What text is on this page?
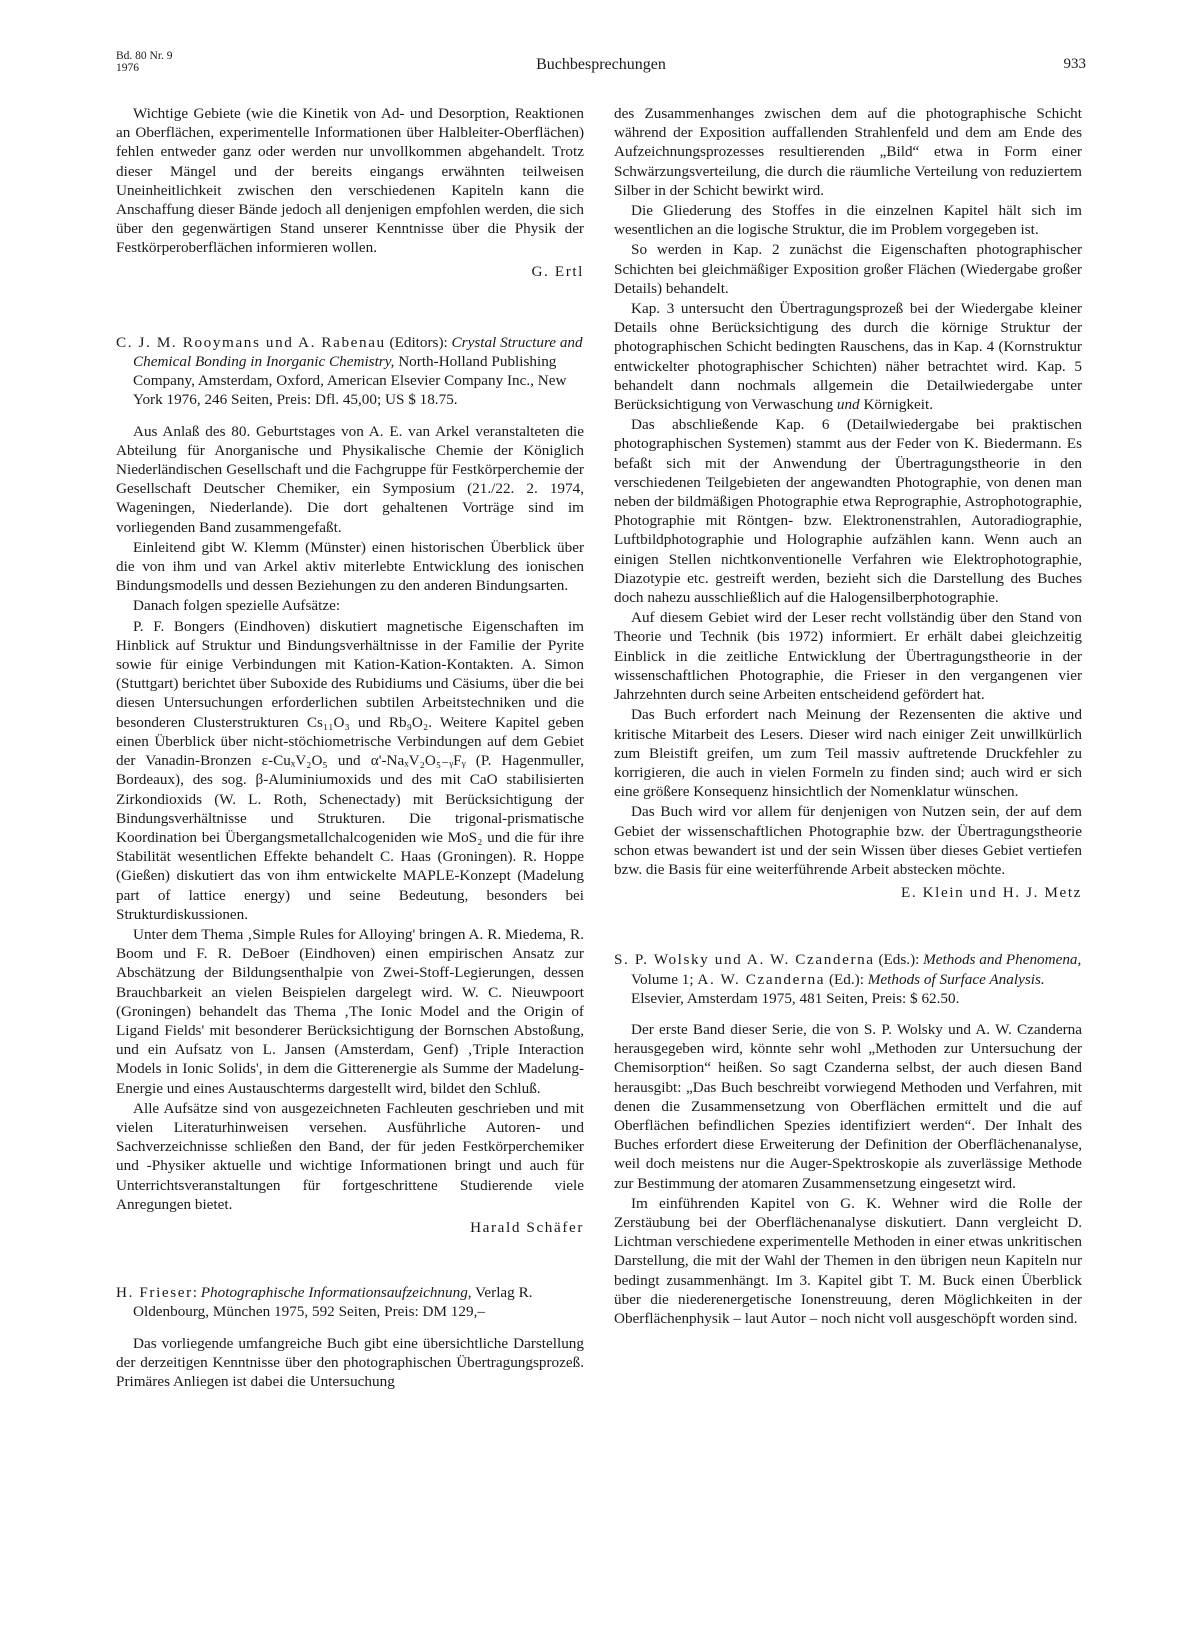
Bd. 80 Nr. 9
1976	Buchbesprechungen	933

Wichtige Gebiete (wie die Kinetik von Ad- und Desorption, Reaktionen an Oberflächen, experimentelle Informationen über Halbleiter-Oberflächen) fehlen entweder ganz oder werden nur unvollkommen abgehandelt. Trotz dieser Mängel und der bereits eingangs erwähnten teilweisen Uneinheitlichkeit zwischen den verschiedenen Kapiteln kann die Anschaffung dieser Bände jedoch all denjenigen empfohlen werden, die sich über den gegenwärtigen Stand unserer Kenntnisse über die Physik der Festkörperoberflächen informieren wollen.

G. Ertl
C. J. M. Rooymans und A. Rabenau (Editors): Crystal Structure and Chemical Bonding in Inorganic Chemistry, North-Holland Publishing Company, Amsterdam, Oxford, American Elsevier Company Inc., New York 1976, 246 Seiten, Preis: Dfl. 45,00; US $ 18.75.

Aus Anlaß des 80. Geburtstages von A. E. van Arkel veranstalteten die Abteilung für Anorganische und Physikalische Chemie der Königlich Niederländischen Gesellschaft und die Fachgruppe für Festkörperchemie der Gesellschaft Deutscher Chemiker, ein Symposium (21./22. 2. 1974, Wageningen, Niederlande). Die dort gehaltenen Vorträge sind im vorliegenden Band zusammengefaßt.

Einleitend gibt W. Klemm (Münster) einen historischen Überblick über die von ihm und van Arkel aktiv miterlebte Entwicklung des ionischen Bindungsmodells und dessen Beziehungen zu den anderen Bindungsarten.

Danach folgen spezielle Aufsätze:

P. F. Bongers (Eindhoven) diskutiert magnetische Eigenschaften im Hinblick auf Struktur und Bindungsverhältnisse in der Familie der Pyrite sowie für einige Verbindungen mit Kation-Kation-Kontakten. A. Simon (Stuttgart) berichtet über Suboxide des Rubidiums und Cäsiums, über die bei diesen Untersuchungen erforderlichen subtilen Arbeitstechniken und die besonderen Clusterstrukturen Cs₁₁O₃ und Rb₉O₂. Weitere Kapitel geben einen Überblick über nicht-stöchiometrische Verbindungen auf dem Gebiet der Vanadin-Bronzen ε-CuₓV₂O₅ und α'-NaₓV₂O₅₋ᵧFᵧ (P. Hagenmuller, Bordeaux), des sog. β-Aluminiumoxids und des mit CaO stabilisierten Zirkondioxids (W. L. Roth, Schenectady) mit Berücksichtigung der Bindungsverhältnisse und Strukturen. Die trigonal-prismatische Koordination bei Übergangsmetallchalcogeniden wie MoS₂ und die für ihre Stabilität wesentlichen Effekte behandelt C. Haas (Groningen). R. Hoppe (Gießen) diskutiert das von ihm entwickelte MAPLE-Konzept (Madelung part of lattice energy) und seine Bedeutung, besonders bei Strukturdiskussionen.

Unter dem Thema ‚Simple Rules for Alloying' bringen A. R. Miedema, R. Boom und F. R. DeBoer (Eindhoven) einen empirischen Ansatz zur Abschätzung der Bildungsenthalpie von Zwei-Stoff-Legierungen, dessen Brauchbarkeit an vielen Beispielen dargelegt wird. W. C. Nieuwpoort (Groningen) behandelt das Thema ‚The Ionic Model and the Origin of Ligand Fields' mit besonderer Berücksichtigung der Bornschen Abstoßung, und ein Aufsatz von L. Jansen (Amsterdam, Genf) ‚Triple Interaction Models in Ionic Solids', in dem die Gitterenergie als Summe der Madelung-Energie und eines Austauschterms dargestellt wird, bildet den Schluß.

Alle Aufsätze sind von ausgezeichneten Fachleuten geschrieben und mit vielen Literaturhinweisen versehen. Ausführliche Autoren- und Sachverzeichnisse schließen den Band, der für jeden Festkörperchemiker und -Physiker aktuelle und wichtige Informationen bringt und auch für Unterrichtsveranstaltungen für fortgeschrittene Studierende viele Anregungen bietet.

Harald Schäfer
H. Frieser: Photographische Informationsaufzeichnung, Verlag R. Oldenbourg, München 1975, 592 Seiten, Preis: DM 129,–

Das vorliegende umfangreiche Buch gibt eine übersichtliche Darstellung der derzeitigen Kenntnisse über den photographischen Übertragungsprozeß. Primäres Anliegen ist dabei die Untersuchung

des Zusammenhanges zwischen dem auf die photographische Schicht während der Exposition auffallenden Strahlenfeld und dem am Ende des Aufzeichnungsprozesses resultierenden „Bild“ etwa in Form einer Schwärzungsverteilung, die durch die räumliche Verteilung von reduziertem Silber in der Schicht bewirkt wird.

Die Gliederung des Stoffes in die einzelnen Kapitel hält sich im wesentlichen an die logische Struktur, die im Problem vorgegeben ist.

So werden in Kap. 2 zunächst die Eigenschaften photographischer Schichten bei gleichmäßiger Exposition großer Flächen (Wiedergabe großer Details) behandelt.

Kap. 3 untersucht den Übertragungsprozeß bei der Wiedergabe kleiner Details ohne Berücksichtigung des durch die körnige Struktur der photographischen Schicht bedingten Rauschens, das in Kap. 4 (Kornstruktur entwickelter photographischer Schichten) näher betrachtet wird. Kap. 5 behandelt dann nochmals allgemein die Detailwiedergabe unter Berücksichtigung von Verwaschung und Körnigkeit.

Das abschließende Kap. 6 (Detailwiedergabe bei praktischen photographischen Systemen) stammt aus der Feder von K. Biedermann. Es befaßt sich mit der Anwendung der Übertragungstheorie in den verschiedenen Teilgebieten der angewandten Photographie, von denen man neben der bildmäßigen Photographie etwa Reprographie, Astrophotographie, Photographie mit Röntgen- bzw. Elektronenstrahlen, Autoradiographie, Luftbildphotographie und Holographie aufzählen kann. Wenn auch an einigen Stellen nichtkonventionelle Verfahren wie Elektrophotographie, Diazotypie etc. gestreift werden, bezieht sich die Darstellung des Buches doch nahezu ausschließlich auf die Halogensilberphotographie.

Auf diesem Gebiet wird der Leser recht vollständig über den Stand von Theorie und Technik (bis 1972) informiert. Er erhält dabei gleichzeitig Einblick in die zeitliche Entwicklung der Übertragungstheorie in der wissenschaftlichen Photographie, die Frieser in den vergangenen vier Jahrzehnten durch seine Arbeiten entscheidend gefördert hat.

Das Buch erfordert nach Meinung der Rezensenten die aktive und kritische Mitarbeit des Lesers. Dieser wird nach einiger Zeit unwillkürlich zum Bleistift greifen, um zum Teil massiv auftretende Druckfehler zu korrigieren, die auch in vielen Formeln zu finden sind; auch wird er sich eine größere Konsequenz hinsichtlich der Nomenklatur wünschen.

Das Buch wird vor allem für denjenigen von Nutzen sein, der auf dem Gebiet der wissenschaftlichen Photographie bzw. der Übertragungstheorie schon etwas bewandert ist und der sein Wissen über dieses Gebiet vertiefen bzw. die Basis für eine weiterführende Arbeit abstecken möchte.

E. Klein und H. J. Metz
S. P. Wolsky und A. W. Czanderna (Eds.): Methods and Phenomena, Volume 1; A. W. Czanderna (Ed.): Methods of Surface Analysis. Elsevier, Amsterdam 1975, 481 Seiten, Preis: $ 62.50.

Der erste Band dieser Serie, die von S. P. Wolsky und A. W. Czanderna herausgegeben wird, könnte sehr wohl „Methoden zur Untersuchung der Chemisorption“ heißen. So sagt Czanderna selbst, der auch diesen Band herausgibt: „Das Buch beschreibt vorwiegend Methoden und Verfahren, mit denen die Zusammensetzung von Oberflächen ermittelt und die auf Oberflächen befindlichen Spezies identifiziert werden“. Der Inhalt des Buches erfordert diese Erweiterung der Definition der Oberflächenanalyse, weil doch meistens nur die Auger-Spektroskopie als zuverlässige Methode zur Bestimmung der atomaren Zusammensetzung eingesetzt wird.

Im einführenden Kapitel von G. K. Wehner wird die Rolle der Zerstäubung bei der Oberflächenanalyse diskutiert. Dann vergleicht D. Lichtman verschiedene experimentelle Methoden in einer etwas unkritischen Darstellung, die mit der Wahl der Themen in den übrigen neun Kapiteln nur bedingt zusammenhängt. Im 3. Kapitel gibt T. M. Buck einen Überblick über die niederenergetische Ionenstreuung, deren Möglichkeiten in der Oberflächenphysik – laut Autor – noch nicht voll ausgeschöpft worden sind.
